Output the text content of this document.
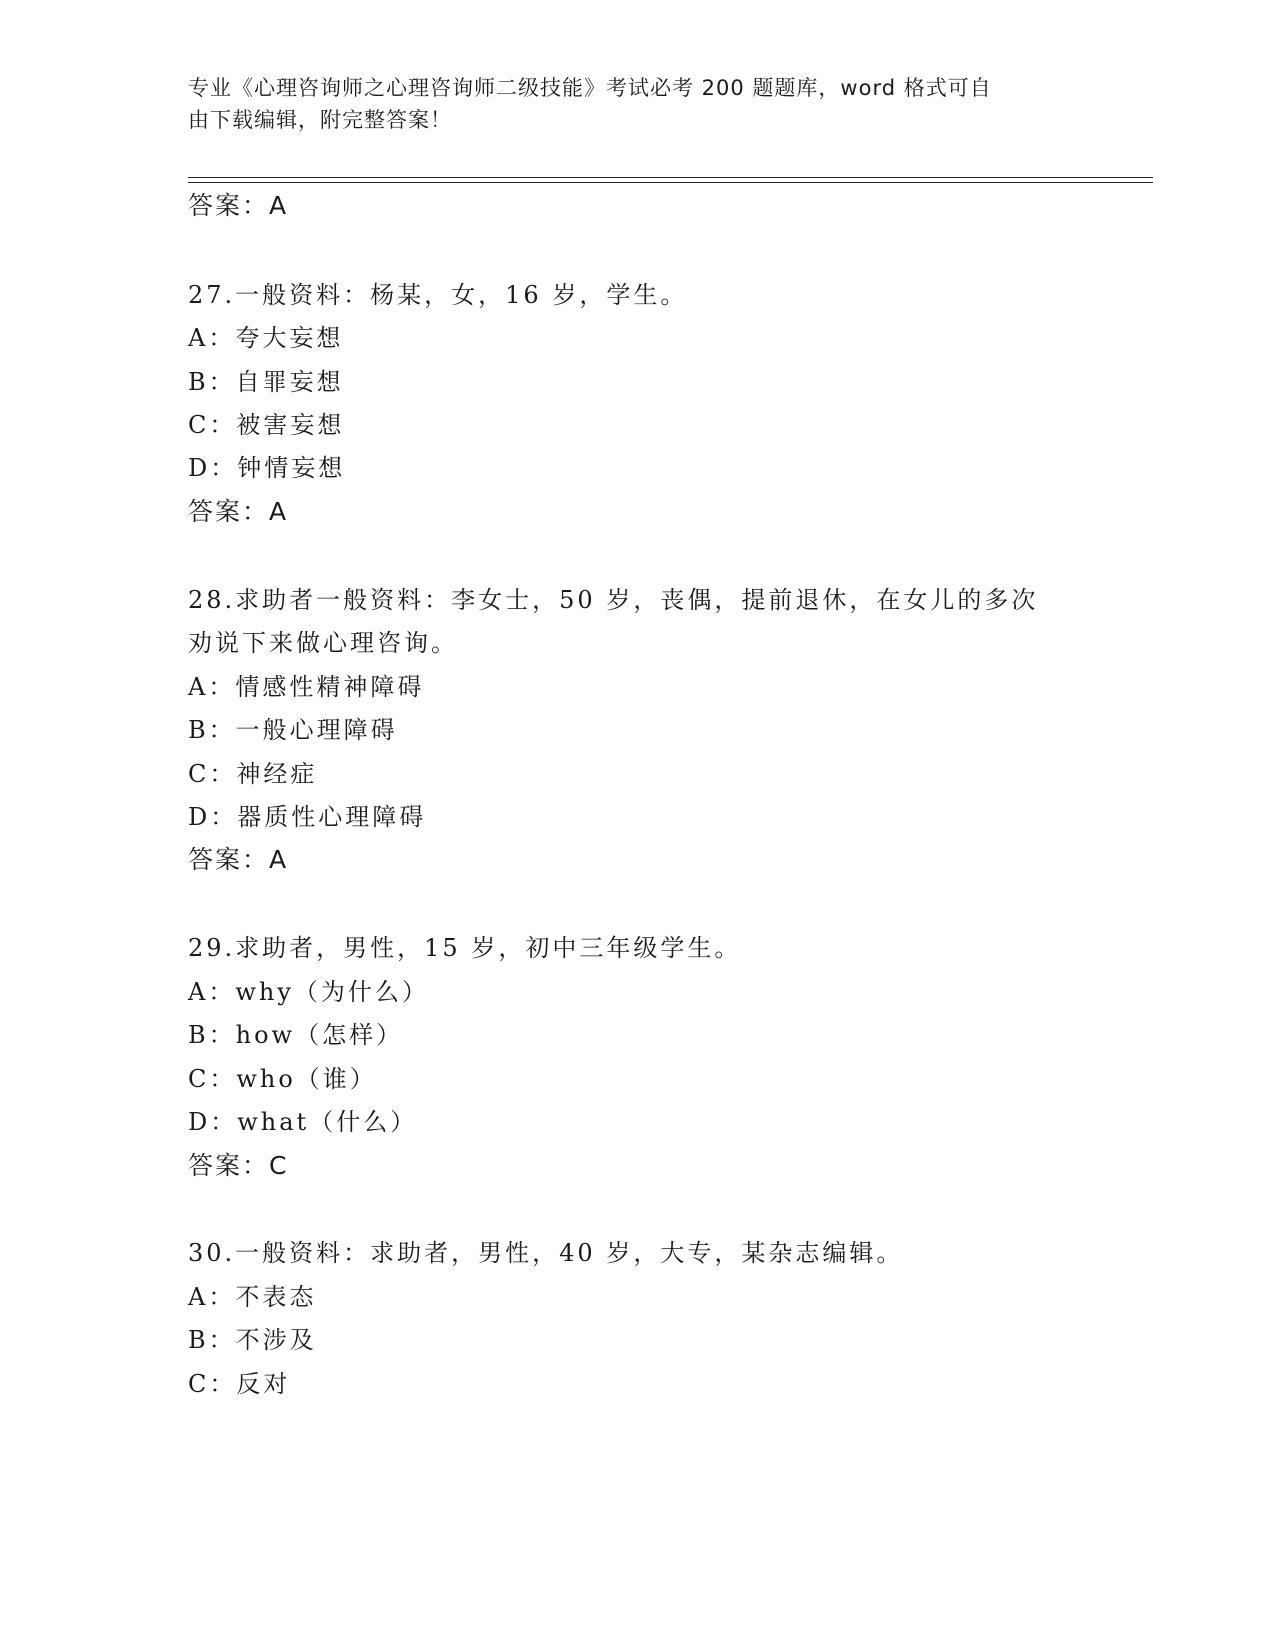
专业《心理咨询师之心理咨询师二级技能》考试必考 200 题题库，word 格式可自
由下载编辑，附完整答案！
答案：A
27.一般资料：杨某，女，16 岁，学生。
A：夸大妄想
B：自罪妄想
C：被害妄想
D：钟情妄想
答案：A
28.求助者一般资料：李女士，50 岁，丧偶，提前退休，在女儿的多次
劝说下来做心理咨询。
A：情感性精神障碍
B：一般心理障碍
C：神经症
D：器质性心理障碍
答案：A
29.求助者，男性，15 岁，初中三年级学生。
A：why（为什么）
B：how（怎样）
C：who（谁）
D：what（什么）
答案：C
30.一般资料：求助者，男性，40 岁，大专，某杂志编辑。
A：不表态
B：不涉及
C：反对
